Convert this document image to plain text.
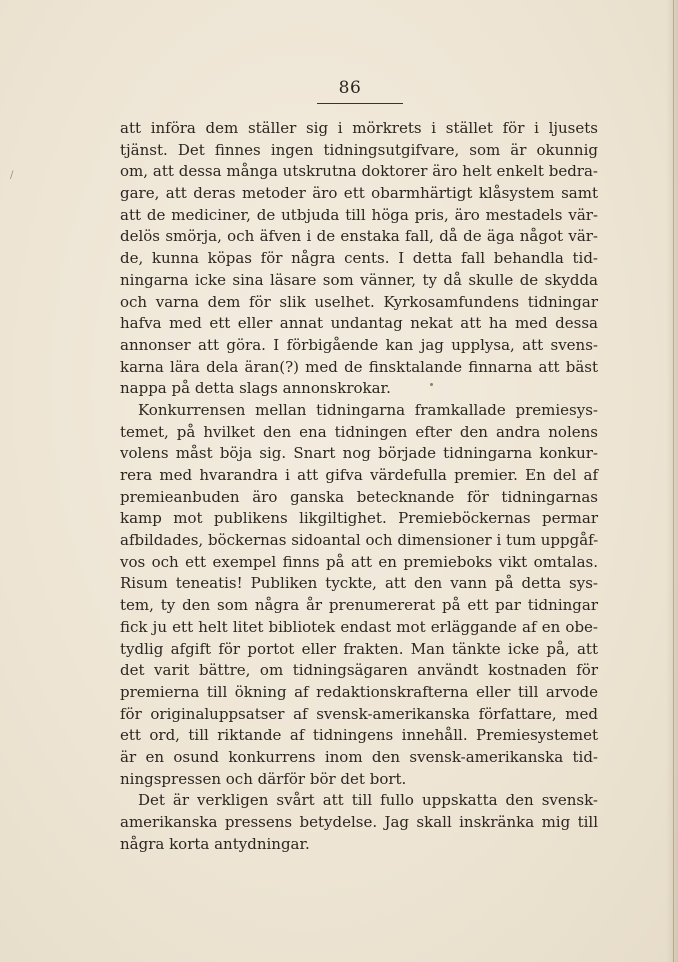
/
86
att införa dem ställer sig i mörkrets i stället för i ljusets
tjänst. Det finnes ingen tidningsutgifvare, som är okunnig
om, att dessa många utskrutna doktorer äro helt enkelt bedra-
gare, att deras metoder äro ett obarmhärtigt klåsystem samt
att de mediciner, de utbjuda till höga pris, äro mestadels vär-
delös smörja, och äfven i de enstaka fall, då de äga något vär-
de, kunna köpas för några cents. I detta fall behandla tid-
ningarna icke sina läsare som vänner, ty då skulle de skydda
och varna dem för slik uselhet. Kyrkosamfundens tidningar
hafva med ett eller annat undantag nekat att ha med dessa
annonser att göra. I förbigående kan jag upplysa, att svens-
karna lära dela äran(?) med de finsktalande finnarna att bäst
nappa på detta slags annonskrokar.
Konkurrensen mellan tidningarna framkallade premiesys-
temet, på hvilket den ena tidningen efter den andra nolens
volens måst böja sig. Snart nog började tidningarna konkur-
rera med hvarandra i att gifva värdefulla premier. En del af
premieanbuden äro ganska betecknande för tidningarnas
kamp mot publikens likgiltighet. Premieböckernas permar
afbildades, böckernas sidoantal och dimensioner i tum uppgåf-
vos och ett exempel finns på att en premieboks vikt omtalas.
Risum teneatis! Publiken tyckte, att den vann på detta sys-
tem, ty den som några år prenumererat på ett par tidningar
fick ju ett helt litet bibliotek endast mot erläggande af en obe-
tydlig afgift för portot eller frakten. Man tänkte icke på, att
det varit bättre, om tidningsägaren användt kostnaden för
premierna till ökning af redaktionskrafterna eller till arvode
för originaluppsatser af svensk-amerikanska författare, med
ett ord, till riktande af tidningens innehåll. Premiesystemet
är en osund konkurrens inom den svensk-amerikanska tid-
ningspressen och därför bör det bort.
Det är verkligen svårt att till fullo uppskatta den svensk-
amerikanska pressens betydelse. Jag skall inskränka mig till
några korta antydningar.
